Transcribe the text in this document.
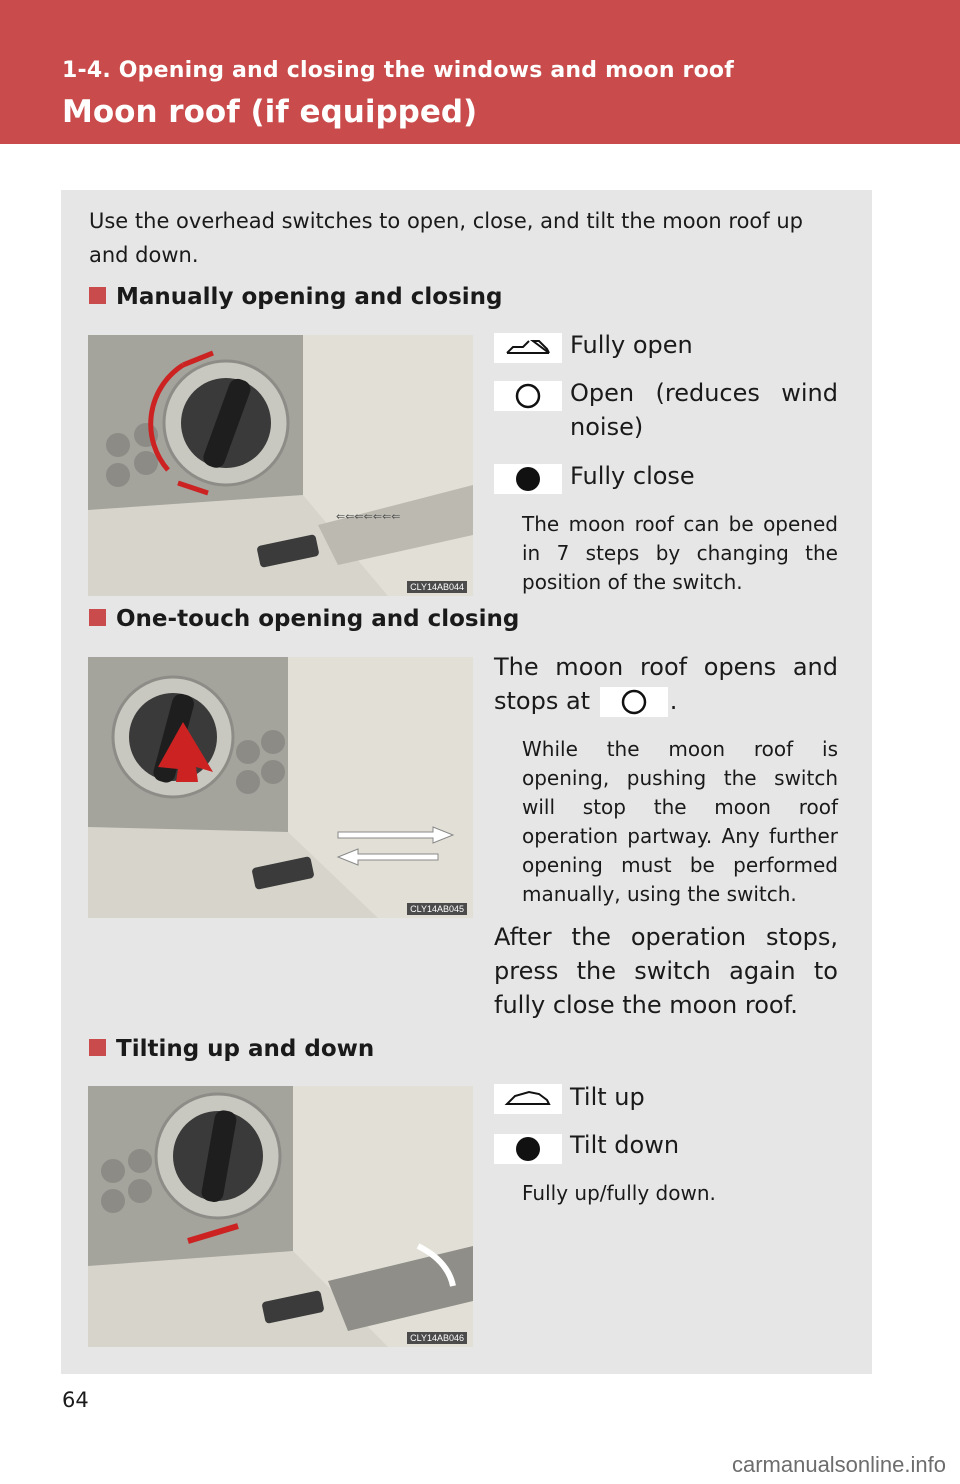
1-4. Opening and closing the windows and moon roof
Moon roof (if equipped)
Use the overhead switches to open, close, and tilt the moon roof up and down.
Manually opening and closing
⇐⇐⇐⇐⇐⇐⇐
CLY14AB044
Fully open
Open (reduces wind noise)
Fully close
The moon roof can be opened in 7 steps by changing the position of the switch.
One-touch opening and closing
CLY14AB045
The moon roof opens and stops at	.
While the moon roof is opening, pushing the switch will stop the moon roof operation partway. Any further opening must be performed manually, using the switch.
After the operation stops, press the switch again to fully close the moon roof.
Tilting up and down
CLY14AB046
Tilt up
Tilt down
Fully up/fully down.
64
carmanualsonline.info
